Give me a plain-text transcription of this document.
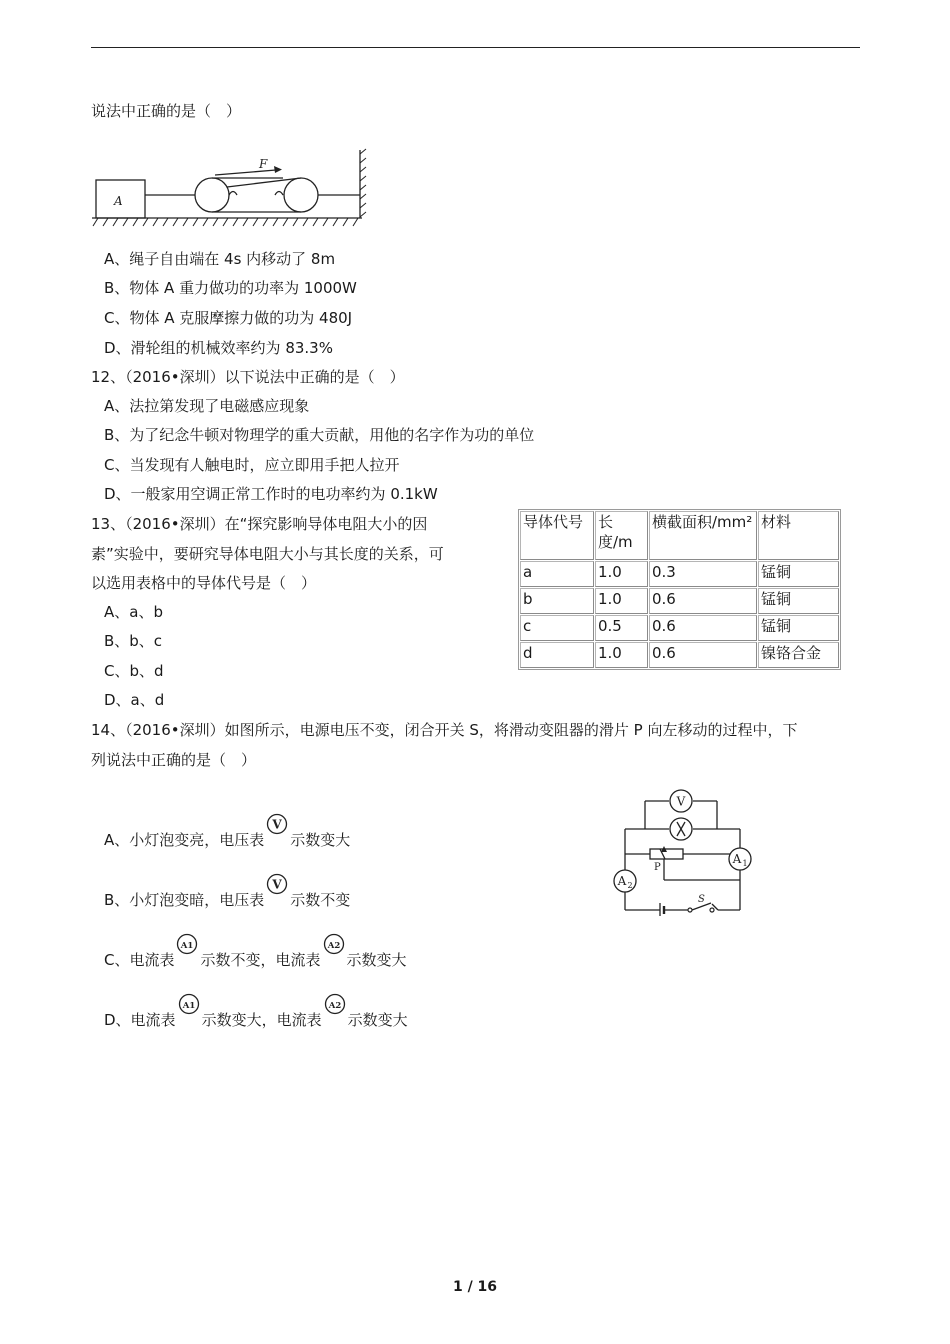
说法中正确的是（　）
A
F
A、绳子自由端在 4s 内移动了 8m
B、物体 A 重力做功的功率为 1000W
C、物体 A 克服摩擦力做的功为 480J
D、滑轮组的机械效率约为 83.3%
12、（2016•深圳）以下说法中正确的是（　）
A、法拉第发现了电磁感应现象
B、为了纪念牛顿对物理学的重大贡献，用他的名字作为功的单位
C、当发现有人触电时，应立即用手把人拉开
D、一般家用空调正常工作时的电功率约为 0.1kW
13、（2016•深圳）在“探究影响导体电阻大小的因
素”实验中，要研究导体电阻大小与其长度的关系，可
以选用表格中的导体代号是（　）
A、a、b
B、b、c
C、b、d
D、a、d
导体代号	长度/m	横截面积/mm²	材料
a	1.0	0.3	锰铜
b	1.0	0.6	锰铜
c	0.5	0.6	锰铜
d	1.0	0.6	镍铬合金
14、（2016•深圳）如图所示，电源电压不变，闭合开关 S，将滑动变阻器的滑片 P 向左移动的过程中，下
列说法中正确的是（　）
V
A 1
A 2
P
S
A、小灯泡变亮，电压表
V
示数变大
B、小灯泡变暗，电压表
V
示数不变
C、电流表
A1
示数不变，电流表
A2
示数变大
D、电流表
A1
示数变大，电流表
A2
示数变大
1 / 16
